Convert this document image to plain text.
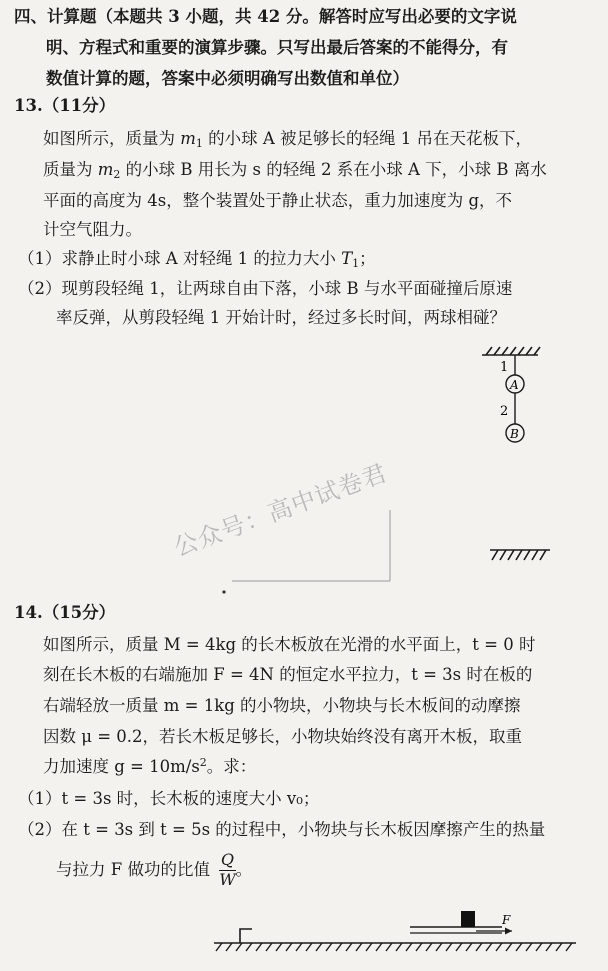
四、计算题（本题共 3 小题，共 42 分。解答时应写出必要的文字说
明、方程式和重要的演算步骤。只写出最后答案的不能得分，有
数值计算的题，答案中必须明确写出数值和单位）
13.（11分）
如图所示，质量为 $m_1$ 的小球 A 被足够长的轻绳 1 吊在天花板下，
质量为 $m_2$ 的小球 B 用长为 s 的轻绳 2 系在小球 A 下，小球 B 离水
平面的高度为 4s，整个装置处于静止状态，重力加速度为 g，不
计空气阻力。
（1）求静止时小球 A 对轻绳 1 的拉力大小 $T_1$；
（2）现剪段轻绳 1，让两球自由下落，小球 B 与水平面碰撞后原速
率反弹，从剪段轻绳 1 开始计时，经过多长时间，两球相碰？
1
2
A
B
公众号：高中试卷君
14.（15分）
如图所示，质量 M = 4kg 的长木板放在光滑的水平面上，t = 0 时
刻在长木板的右端施加 F = 4N 的恒定水平拉力，t = 3s 时在板的
右端轻放一质量 m = 1kg 的小物块，小物块与长木板间的动摩擦
因数 μ = 0.2，若长木板足够长，小物块始终没有离开木板，取重
力加速度 $g = 10m/s^2$。求：
（1）t = 3s 时，长木板的速度大小 v₀；
（2）在 t = 3s 到 t = 5s 的过程中，小物块与长木板因摩擦产生的热量
与拉力 F 做功的比值 $\frac{Q}{W}$ 。
F
